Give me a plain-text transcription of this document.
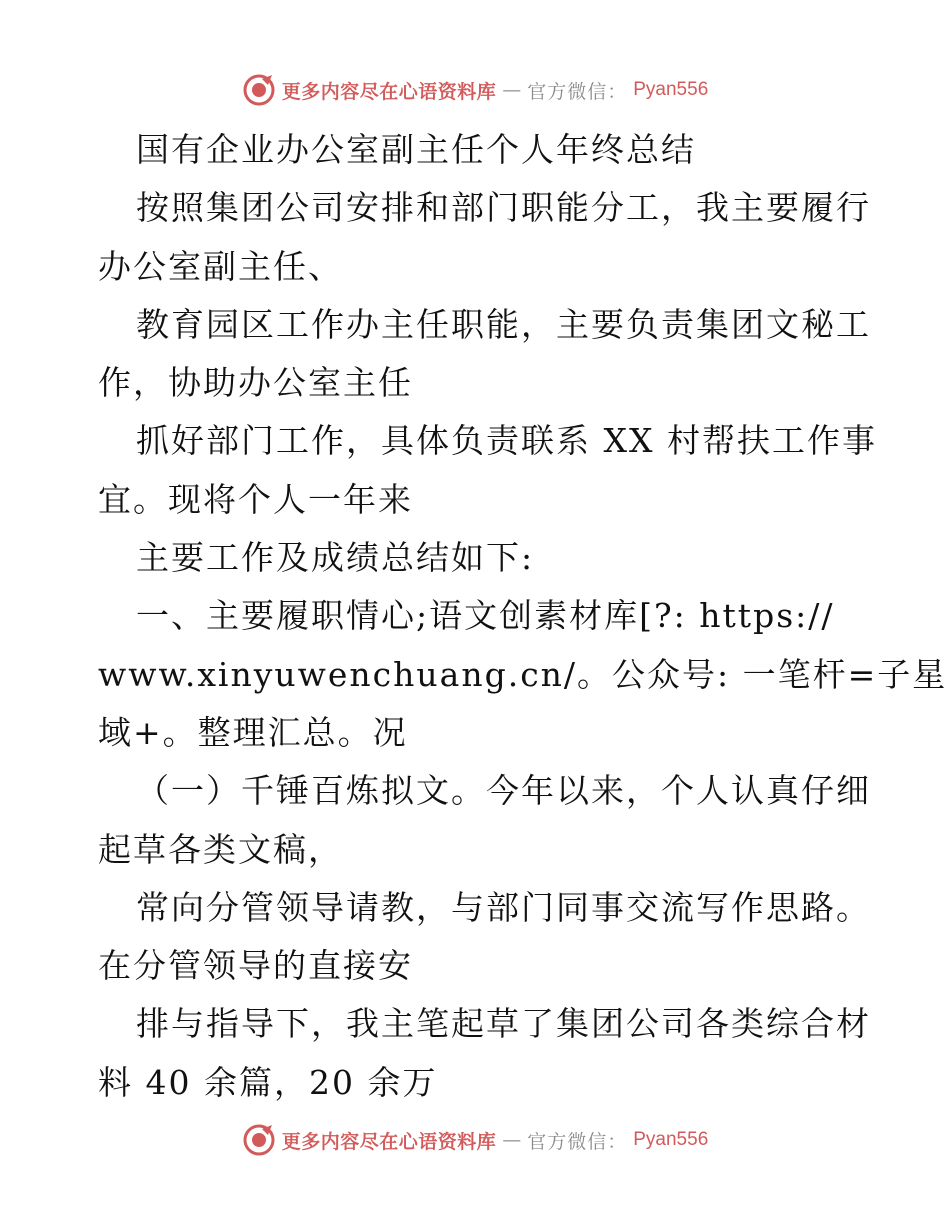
更多内容尽在心语资料库 — 官方微信： Pyan556
国有企业办公室副主任个人年终总结
按照集团公司安排和部门职能分工，我主要履行
办公室副主任、
教育园区工作办主任职能，主要负责集团文秘工
作，协助办公室主任
抓好部门工作，具体负责联系 XX 村帮扶工作事
宜。现将个人一年来
主要工作及成绩总结如下:
一、主要履职情心;语文创素材库[?: https://
www.xinyuwenchuang.cn/。公众号: 一笔杆=子星
域+。整理汇总。况
（一）千锤百炼拟文。今年以来，个人认真仔细
起草各类文稿，
常向分管领导请教，与部门同事交流写作思路。
在分管领导的直接安
排与指导下，我主笔起草了集团公司各类综合材
料 40 余篇，20 余万
更多内容尽在心语资料库 — 官方微信： Pyan556
